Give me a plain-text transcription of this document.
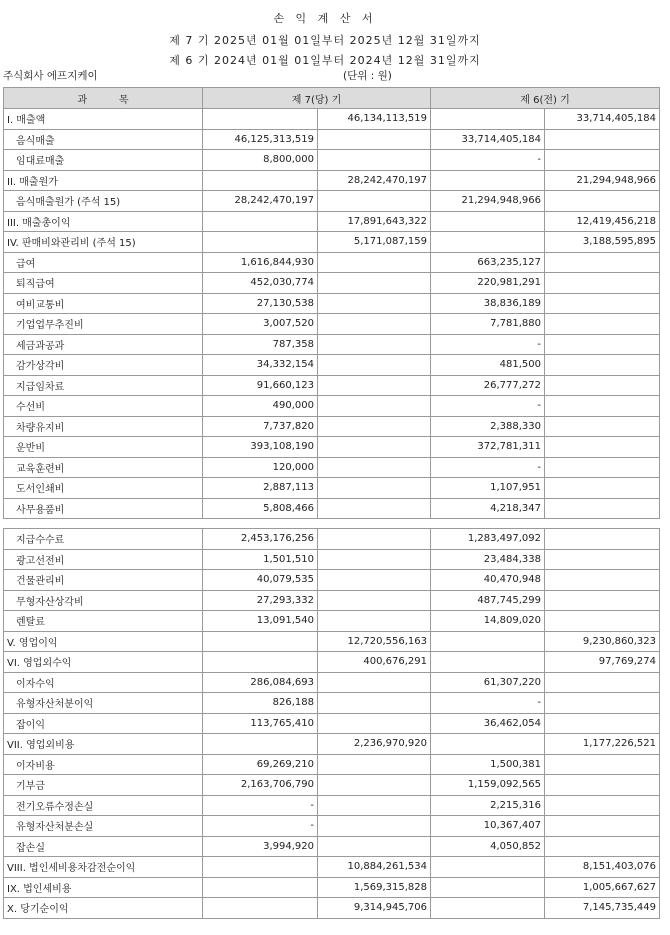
손 익 계 산 서
제 7 기 2025년 01월 01일부터 2025년 12월 31일까지
제 6 기 2024년 01월 01일부터 2024년 12월 31일까지
주식회사 에프지케이	(단위 : 원)
과          목	제 7(당) 기		제 6(전) 기	
I. 매출액		46,134,113,519		33,714,405,184
음식매출	46,125,313,519		33,714,405,184	
임대료매출	8,800,000		-	
II. 매출원가		28,242,470,197		21,294,948,966
음식매출원가 (주석 15)	28,242,470,197		21,294,948,966	
III. 매출총이익		17,891,643,322		12,419,456,218
IV. 판매비와관리비 (주석 15)		5,171,087,159		3,188,595,895
급여	1,616,844,930		663,235,127	
퇴직급여	452,030,774		220,981,291	
여비교통비	27,130,538		38,836,189	
기업업무추진비	3,007,520		7,781,880	
세금과공과	787,358		-	
감가상각비	34,332,154		481,500	
지급임차료	91,660,123		26,777,272	
수선비	490,000		-	
차량유지비	7,737,820		2,388,330	
운반비	393,108,190		372,781,311	
교육훈련비	120,000		-	
도서인쇄비	2,887,113		1,107,951	
사무용품비	5,808,466		4,218,347	
지급수수료	2,453,176,256		1,283,497,092	
광고선전비	1,501,510		23,484,338	
건물관리비	40,079,535		40,470,948	
무형자산상각비	27,293,332		487,745,299	
렌탈료	13,091,540		14,809,020	
V. 영업이익		12,720,556,163		9,230,860,323
VI. 영업외수익		400,676,291		97,769,274
이자수익	286,084,693		61,307,220	
유형자산처분이익	826,188		-	
잡이익	113,765,410		36,462,054	
VII. 영업외비용		2,236,970,920		1,177,226,521
이자비용	69,269,210		1,500,381	
기부금	2,163,706,790		1,159,092,565	
전기오류수정손실	-		2,215,316	
유형자산처분손실	-		10,367,407	
잡손실	3,994,920		4,050,852	
VIII. 법인세비용차감전순이익		10,884,261,534		8,151,403,076
IX. 법인세비용		1,569,315,828		1,005,667,627
X. 당기순이익		9,314,945,706		7,145,735,449
